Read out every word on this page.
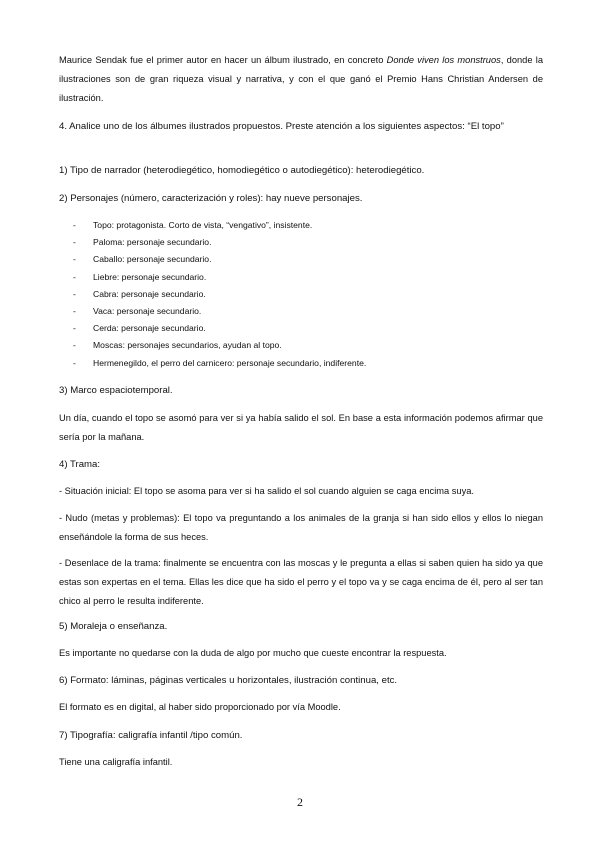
Maurice Sendak fue el primer autor en hacer un álbum ilustrado, en concreto Donde viven los monstruos, donde la ilustraciones son de gran riqueza visual y narrativa, y con el que ganó el Premio Hans Christian Andersen de ilustración.
4. Analice uno de los álbumes ilustrados propuestos. Preste atención a los siguientes aspectos: “El topo”
1) Tipo de narrador (heterodiegético, homodiegético o autodiegético): heterodiegético.
2) Personajes (número, caracterización y roles): hay nueve personajes.
- Topo: protagonista. Corto de vista, “vengativo”, insistente.
- Paloma: personaje secundario.
- Caballo: personaje secundario.
- Liebre: personaje secundario.
- Cabra: personaje secundario.
- Vaca: personaje secundario.
- Cerda: personaje secundario.
- Moscas: personajes secundarios, ayudan al topo.
- Hermenegildo, el perro del carnicero: personaje secundario, indiferente.
3) Marco espaciotemporal.
Un día, cuando el topo se asomó para ver si ya había salido el sol. En base a esta información podemos afirmar que sería por la mañana.
4) Trama:
- Situación inicial: El topo se asoma para ver si ha salido el sol cuando alguien se caga encima suya.
- Nudo (metas y problemas): El topo va preguntando a los animales de la granja si han sido ellos y ellos lo niegan enseñándole la forma de sus heces.
- Desenlace de la trama: finalmente se encuentra con las moscas y le pregunta a ellas si saben quien ha sido ya que estas son expertas en el tema. Ellas les dice que ha sido el perro y el topo va y se caga encima de él, pero al ser tan chico al perro le resulta indiferente.
5) Moraleja o enseñanza.
Es importante no quedarse con la duda de algo por mucho que cueste encontrar la respuesta.
6) Formato: láminas, páginas verticales u horizontales, ilustración continua, etc.
El formato es en digital, al haber sido proporcionado por vía Moodle.
7) Tipografía: caligrafía infantil /tipo común.
Tiene una caligrafía infantil.
2
